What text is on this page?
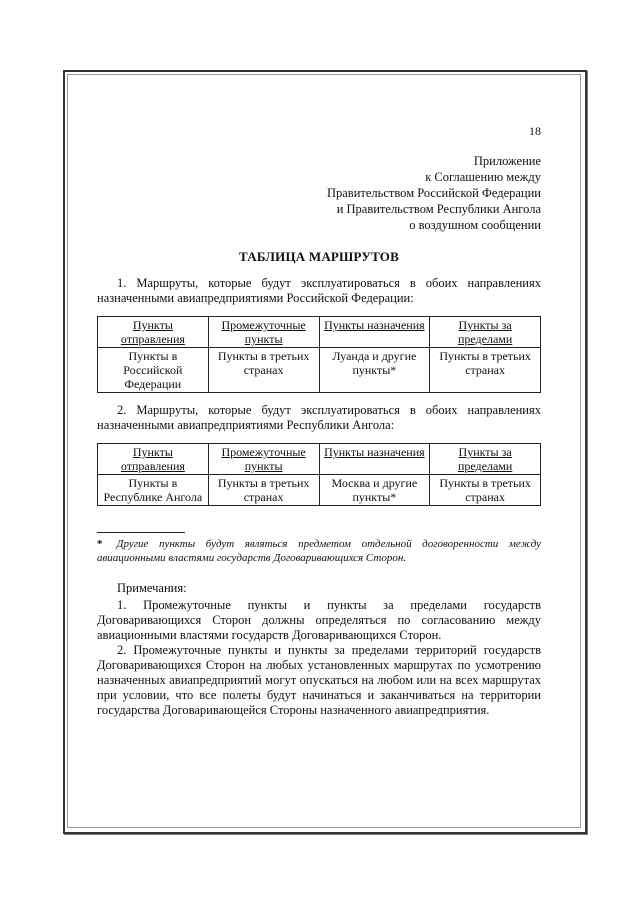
18
Приложение
к Соглашению между
Правительством Российской Федерации
и Правительством Республики Ангола
о воздушном сообщении
ТАБЛИЦА МАРШРУТОВ

1. Маршруты, которые будут эксплуатироваться в обоих направлениях назначенными авиапредприятиями Российской Федерации:

Пункты отправления	Промежуточные пункты	Пункты назначения	Пункты за пределами
Пункты в Российской Федерации	Пункты в третьих странах	Луанда и другие пункты*	Пункты в третьих странах

2. Маршруты, которые будут эксплуатироваться в обоих направлениях назначенными авиапредприятиями Республики Ангола:

Пункты отправления	Промежуточные пункты	Пункты назначения	Пункты за пределами
Пункты в Республике Ангола	Пункты в третьих странах	Москва и другие пункты*	Пункты в третьих странах
* Другие пункты будут являться предметом отдельной договоренности между авиационными властями государств Договаривающихся Сторон.
Примечания:

1. Промежуточные пункты и пункты за пределами государств Договаривающихся Сторон должны определяться по согласованию между авиационными властями государств Договаривающихся Сторон.

2. Промежуточные пункты и пункты за пределами территорий государств Договаривающихся Сторон на любых установленных маршрутах по усмотрению назначенных авиапредприятий могут опускаться на любом или на всех маршрутах при условии, что все полеты будут начинаться и заканчиваться на территории государства Договаривающейся Стороны назначенного авиапредприятия.
